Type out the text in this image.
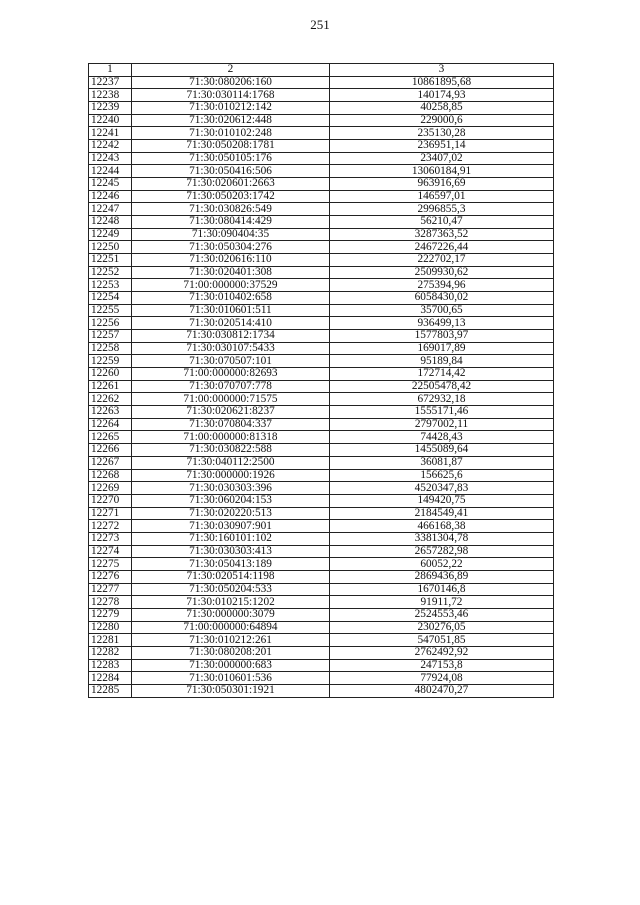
251
1	2	3
12237	71:30:080206:160	10861895,68
12238	71:30:030114:1768	140174,93
12239	71:30:010212:142	40258,85
12240	71:30:020612:448	229000,6
12241	71:30:010102:248	235130,28
12242	71:30:050208:1781	236951,14
12243	71:30:050105:176	23407,02
12244	71:30:050416:506	13060184,91
12245	71:30:020601:2663	963916,69
12246	71:30:050203:1742	146597,01
12247	71:30:030826:549	2996855,3
12248	71:30:080414:429	56210,47
12249	71:30:090404:35	3287363,52
12250	71:30:050304:276	2467226,44
12251	71:30:020616:110	222702,17
12252	71:30:020401:308	2509930,62
12253	71:00:000000:37529	275394,96
12254	71:30:010402:658	6058430,02
12255	71:30:010601:511	35700,65
12256	71:30:020514:410	936499,13
12257	71:30:030812:1734	1577803,97
12258	71:30:030107:5433	169017,89
12259	71:30:070507:101	95189,84
12260	71:00:000000:82693	172714,42
12261	71:30:070707:778	22505478,42
12262	71:00:000000:71575	672932,18
12263	71:30:020621:8237	1555171,46
12264	71:30:070804:337	2797002,11
12265	71:00:000000:81318	74428,43
12266	71:30:030822:588	1455089,64
12267	71:30:040112:2500	36081,87
12268	71:30:000000:1926	156625,6
12269	71:30:030303:396	4520347,83
12270	71:30:060204:153	149420,75
12271	71:30:020220:513	2184549,41
12272	71:30:030907:901	466168,38
12273	71:30:160101:102	3381304,78
12274	71:30:030303:413	2657282,98
12275	71:30:050413:189	60052,22
12276	71:30:020514:1198	2869436,89
12277	71:30:050204:533	1670146,8
12278	71:30:010215:1202	91911,72
12279	71:30:000000:3079	2524553,46
12280	71:00:000000:64894	230276,05
12281	71:30:010212:261	547051,85
12282	71:30:080208:201	2762492,92
12283	71:30:000000:683	247153,8
12284	71:30:010601:536	77924,08
12285	71:30:050301:1921	4802470,27
